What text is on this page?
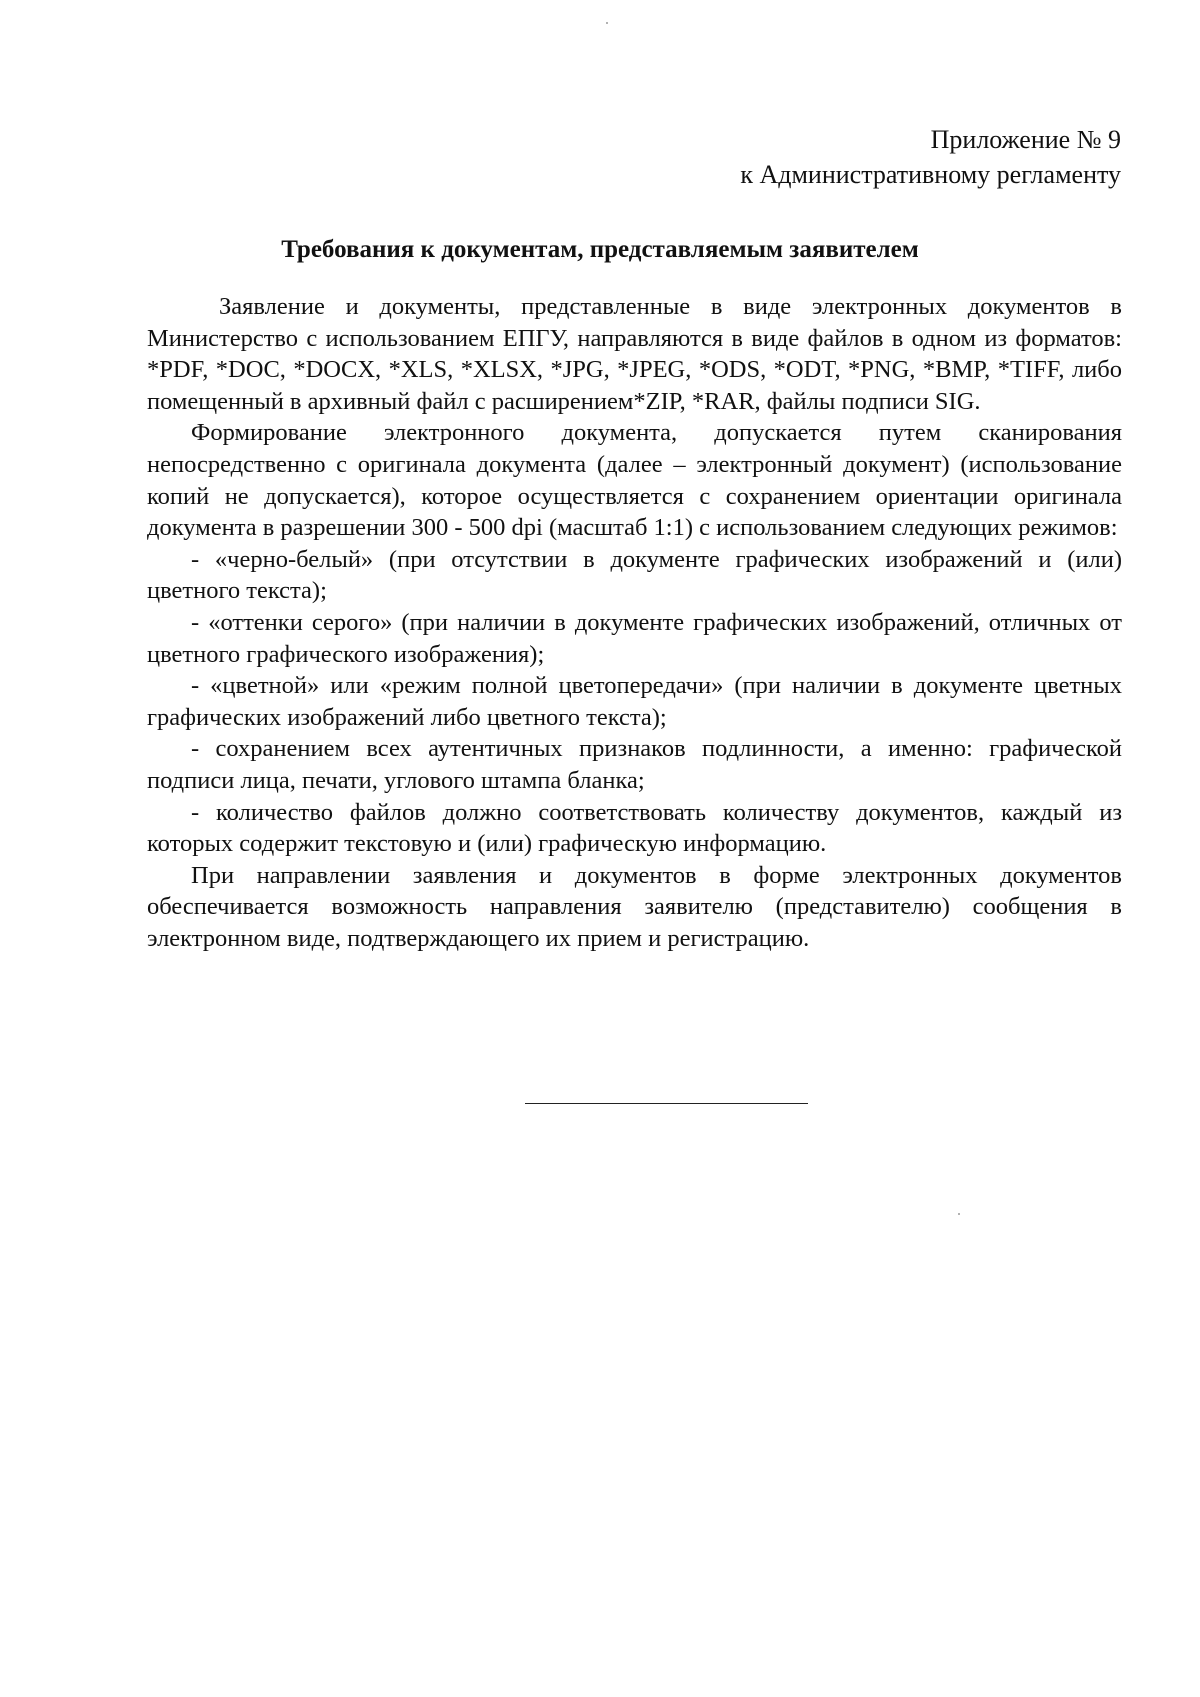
Приложение № 9
к Административному регламенту
Требования к документам, представляемым заявителем

Заявление и документы, представленные в виде электронных документов в Министерство с использованием ЕПГУ, направляются в виде файлов в одном из форматов: *PDF, *DOC, *DOCX, *XLS, *XLSX, *JPG, *JPEG, *ODS, *ODT, *PNG, *BMP, *TIFF, либо помещенный в архивный файл с расширением*ZIP, *RAR, файлы подписи SIG.

Формирование электронного документа, допускается путем сканирования непосредственно с оригинала документа (далее – электронный документ) (использование копий не допускается), которое осуществляется с сохранением ориентации оригинала документа в разрешении 300 - 500 dpi (масштаб 1:1) с использованием следующих режимов:

- «черно-белый» (при отсутствии в документе графических изображений и (или) цветного текста);

- «оттенки серого» (при наличии в документе графических изображений, отличных от цветного графического изображения);

- «цветной» или «режим полной цветопередачи» (при наличии в документе цветных графических изображений либо цветного текста);

- сохранением всех аутентичных признаков подлинности, а именно: графической подписи лица, печати, углового штампа бланка;

- количество файлов должно соответствовать количеству документов, каждый из которых содержит текстовую и (или) графическую информацию.

При направлении заявления и документов в форме электронных документов обеспечивается возможность направления заявителю (представителю) сообщения в электронном виде, подтверждающего их прием и регистрацию.
